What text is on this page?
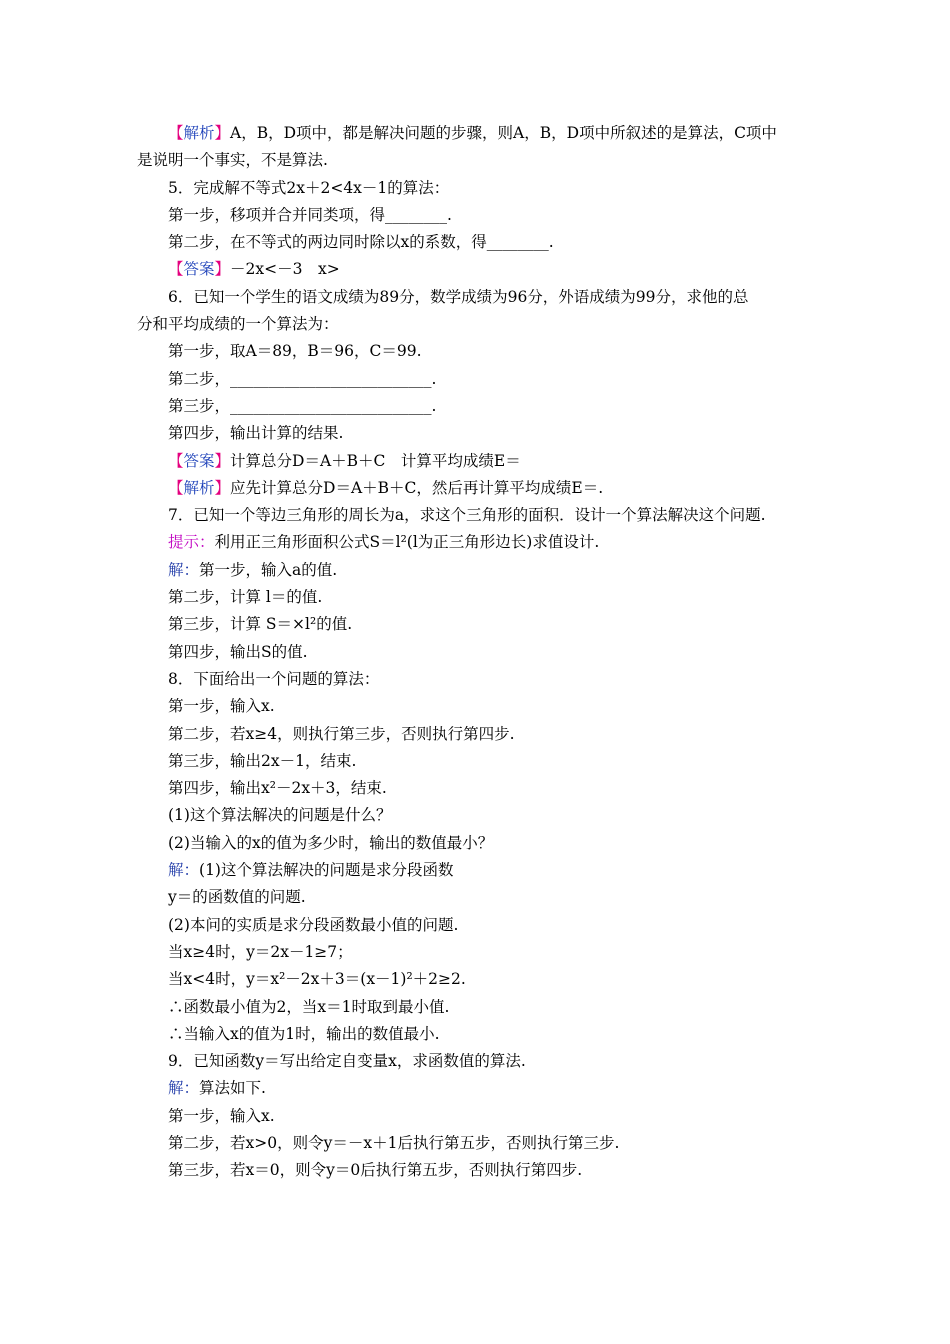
【解析】A，B，D项中，都是解决问题的步骤，则A，B，D项中所叙述的是算法，C项中
是说明一个事实，不是算法.
5．完成解不等式2x＋2<4x－1的算法：
第一步，移项并合并同类项，得________.
第二步，在不等式的两边同时除以x的系数，得________.
【答案】－2x<－3　x>
6．已知一个学生的语文成绩为89分，数学成绩为96分，外语成绩为99分，求他的总
分和平均成绩的一个算法为：
第一步，取A＝89，B＝96，C＝99.
第二步，__________________________.
第三步，__________________________.
第四步，输出计算的结果.
【答案】计算总分D＝A＋B＋C　计算平均成绩E＝
【解析】应先计算总分D＝A＋B＋C，然后再计算平均成绩E＝.
7．已知一个等边三角形的周长为a，求这个三角形的面积．设计一个算法解决这个问题.
提示：利用正三角形面积公式S＝l²(l为正三角形边长)求值设计.
解：第一步，输入a的值.
第二步，计算 l＝的值.
第三步，计算 S＝×l²的值.
第四步，输出S的值.
8．下面给出一个问题的算法：
第一步，输入x.
第二步，若x≥4，则执行第三步，否则执行第四步.
第三步，输出2x－1，结束.
第四步，输出x²－2x＋3，结束.
(1)这个算法解决的问题是什么？
(2)当输入的x的值为多少时，输出的数值最小？
解：(1)这个算法解决的问题是求分段函数
y＝的函数值的问题.
(2)本问的实质是求分段函数最小值的问题.
当x≥4时，y＝2x－1≥7；
当x<4时，y＝x²－2x＋3＝(x－1)²＋2≥2.
∴函数最小值为2，当x＝1时取到最小值.
∴当输入x的值为1时，输出的数值最小.
9．已知函数y＝写出给定自变量x，求函数值的算法.
解：算法如下.
第一步，输入x.
第二步，若x>0，则令y＝－x＋1后执行第五步，否则执行第三步.
第三步，若x＝0，则令y＝0后执行第五步，否则执行第四步.
